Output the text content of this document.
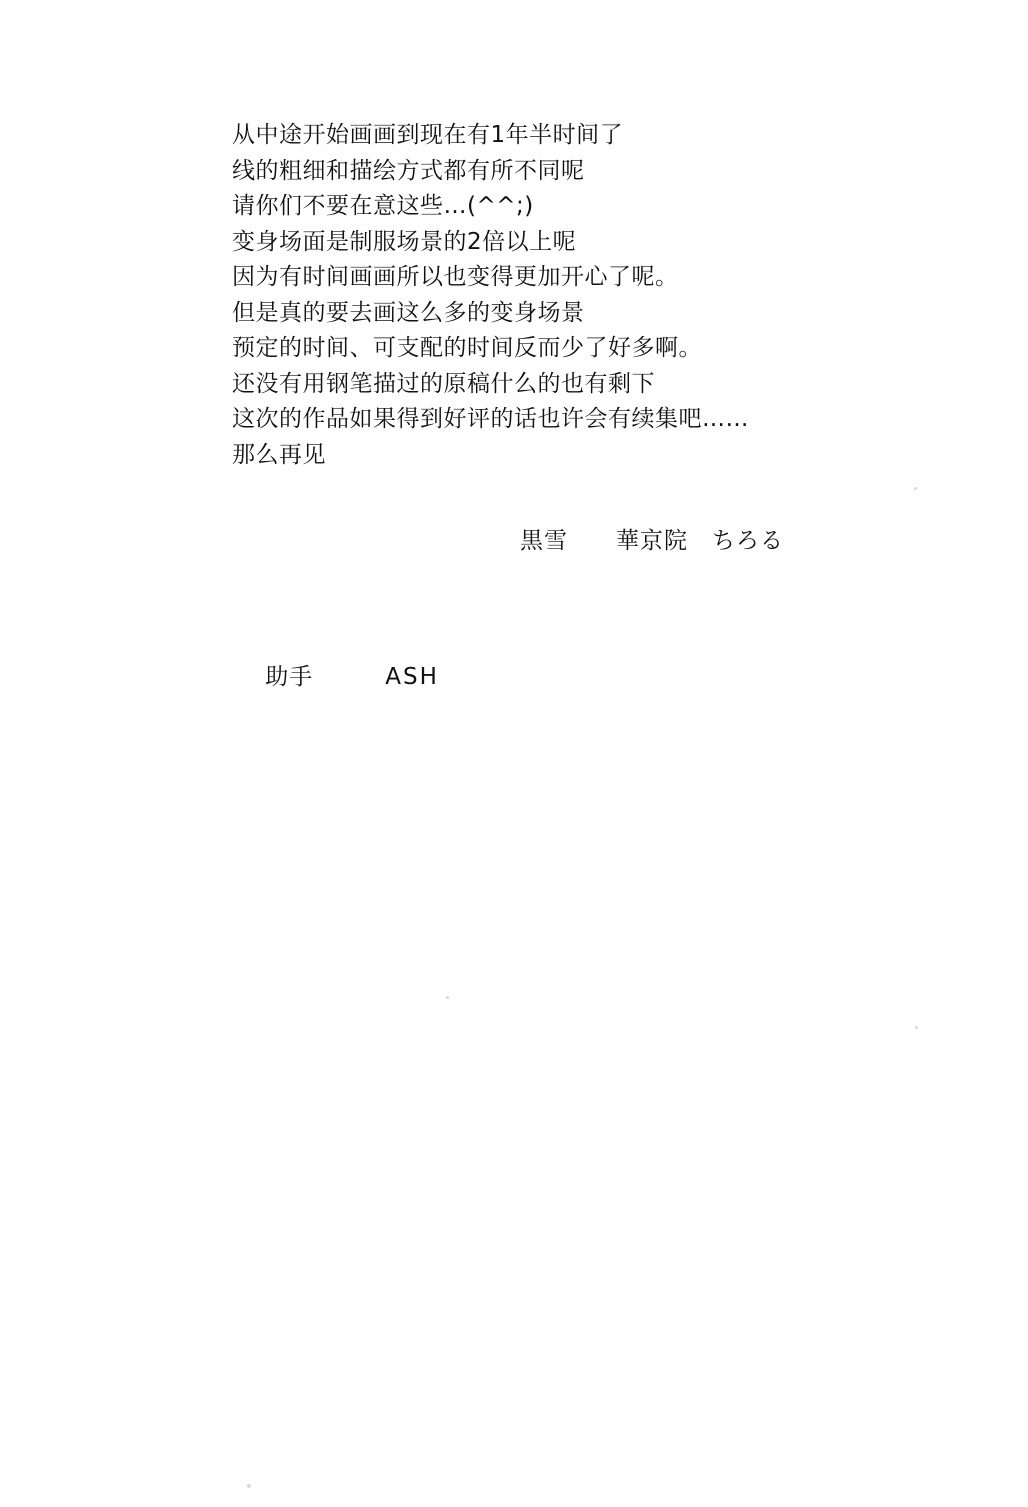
从中途开始画画到现在有1年半时间了
线的粗细和描绘方式都有所不同呢
请你们不要在意这些…(^^;)
变身场面是制服场景的2倍以上呢
因为有时间画画所以也变得更加开心了呢。
但是真的要去画这么多的变身场景
预定的时间、可支配的时间反而少了好多啊。
还没有用钢笔描过的原稿什么的也有剩下
这次的作品如果得到好评的话也许会有续集吧……
那么再见
黒雪　　華京院　ちろる

助手	ASH
